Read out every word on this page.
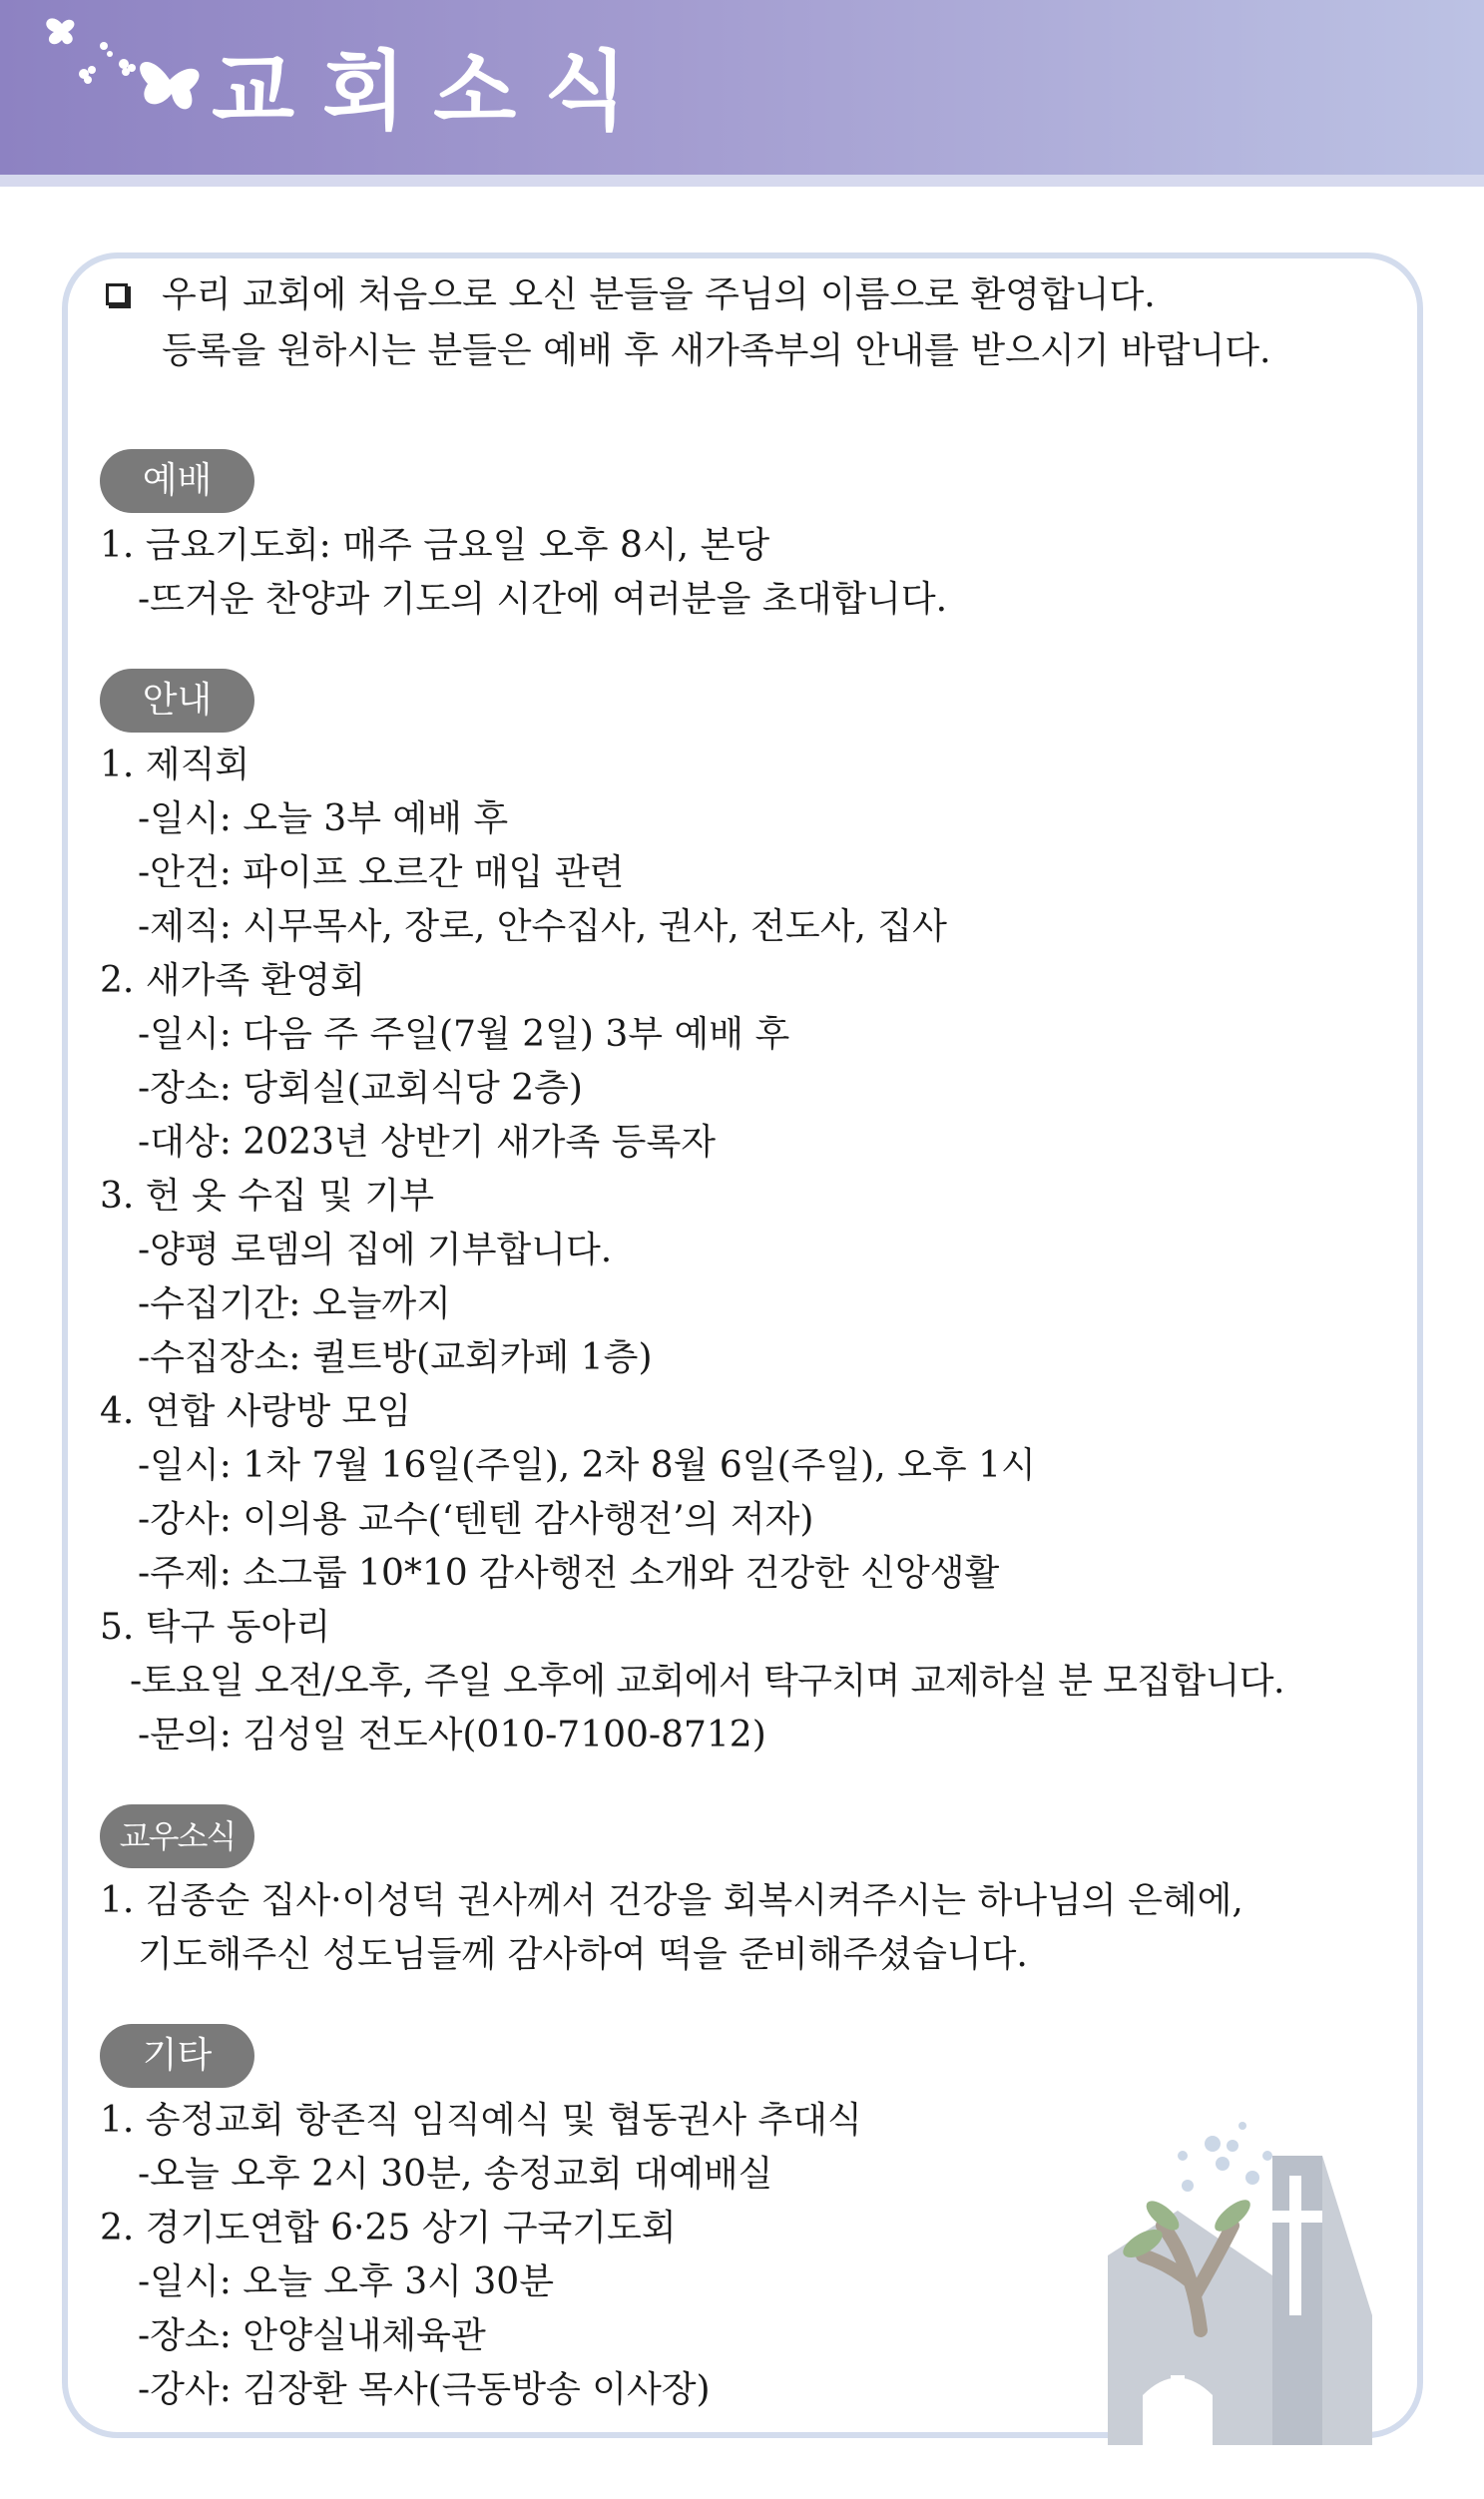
교회소식

우리 교회에 처음으로 오신 분들을 주님의 이름으로 환영합니다.

등록을 원하시는 분들은 예배 후 새가족부의 안내를 받으시기 바랍니다.

예배
1. 금요기도회: 매주 금요일 오후 8시, 본당
-뜨거운 찬양과 기도의 시간에 여러분을 초대합니다.
안내
1. 제직회
-일시: 오늘 3부 예배 후
-안건: 파이프 오르간 매입 관련
-제직: 시무목사, 장로, 안수집사, 권사, 전도사, 집사
2. 새가족 환영회
-일시: 다음 주 주일(7월 2일) 3부 예배 후
-장소: 당회실(교회식당 2층)
-대상: 2023년 상반기 새가족 등록자
3. 헌 옷 수집 및 기부
-양평 로뎀의 집에 기부합니다.
-수집기간: 오늘까지
-수집장소: 퀼트방(교회카페 1층)
4. 연합 사랑방 모임
-일시: 1차 7월 16일(주일), 2차 8월 6일(주일), 오후 1시
-강사: 이의용 교수(‘텐텐 감사행전’의 저자)
-주제: 소그룹 10*10 감사행전 소개와 건강한 신앙생활
5. 탁구 동아리
-토요일 오전/오후, 주일 오후에 교회에서 탁구치며 교제하실 분 모집합니다.
-문의: 김성일 전도사(010-7100-8712)
교우소식
1. 김종순 집사·이성덕 권사께서 건강을 회복시켜주시는 하나님의 은혜에,
기도해주신 성도님들께 감사하여 떡을 준비해주셨습니다.
기타
1. 송정교회 항존직 임직예식 및 협동권사 추대식
-오늘 오후 2시 30분, 송정교회 대예배실
2. 경기도연합 6·25 상기 구국기도회
-일시: 오늘 오후 3시 30분
-장소: 안양실내체육관
-강사: 김장환 목사(극동방송 이사장)
